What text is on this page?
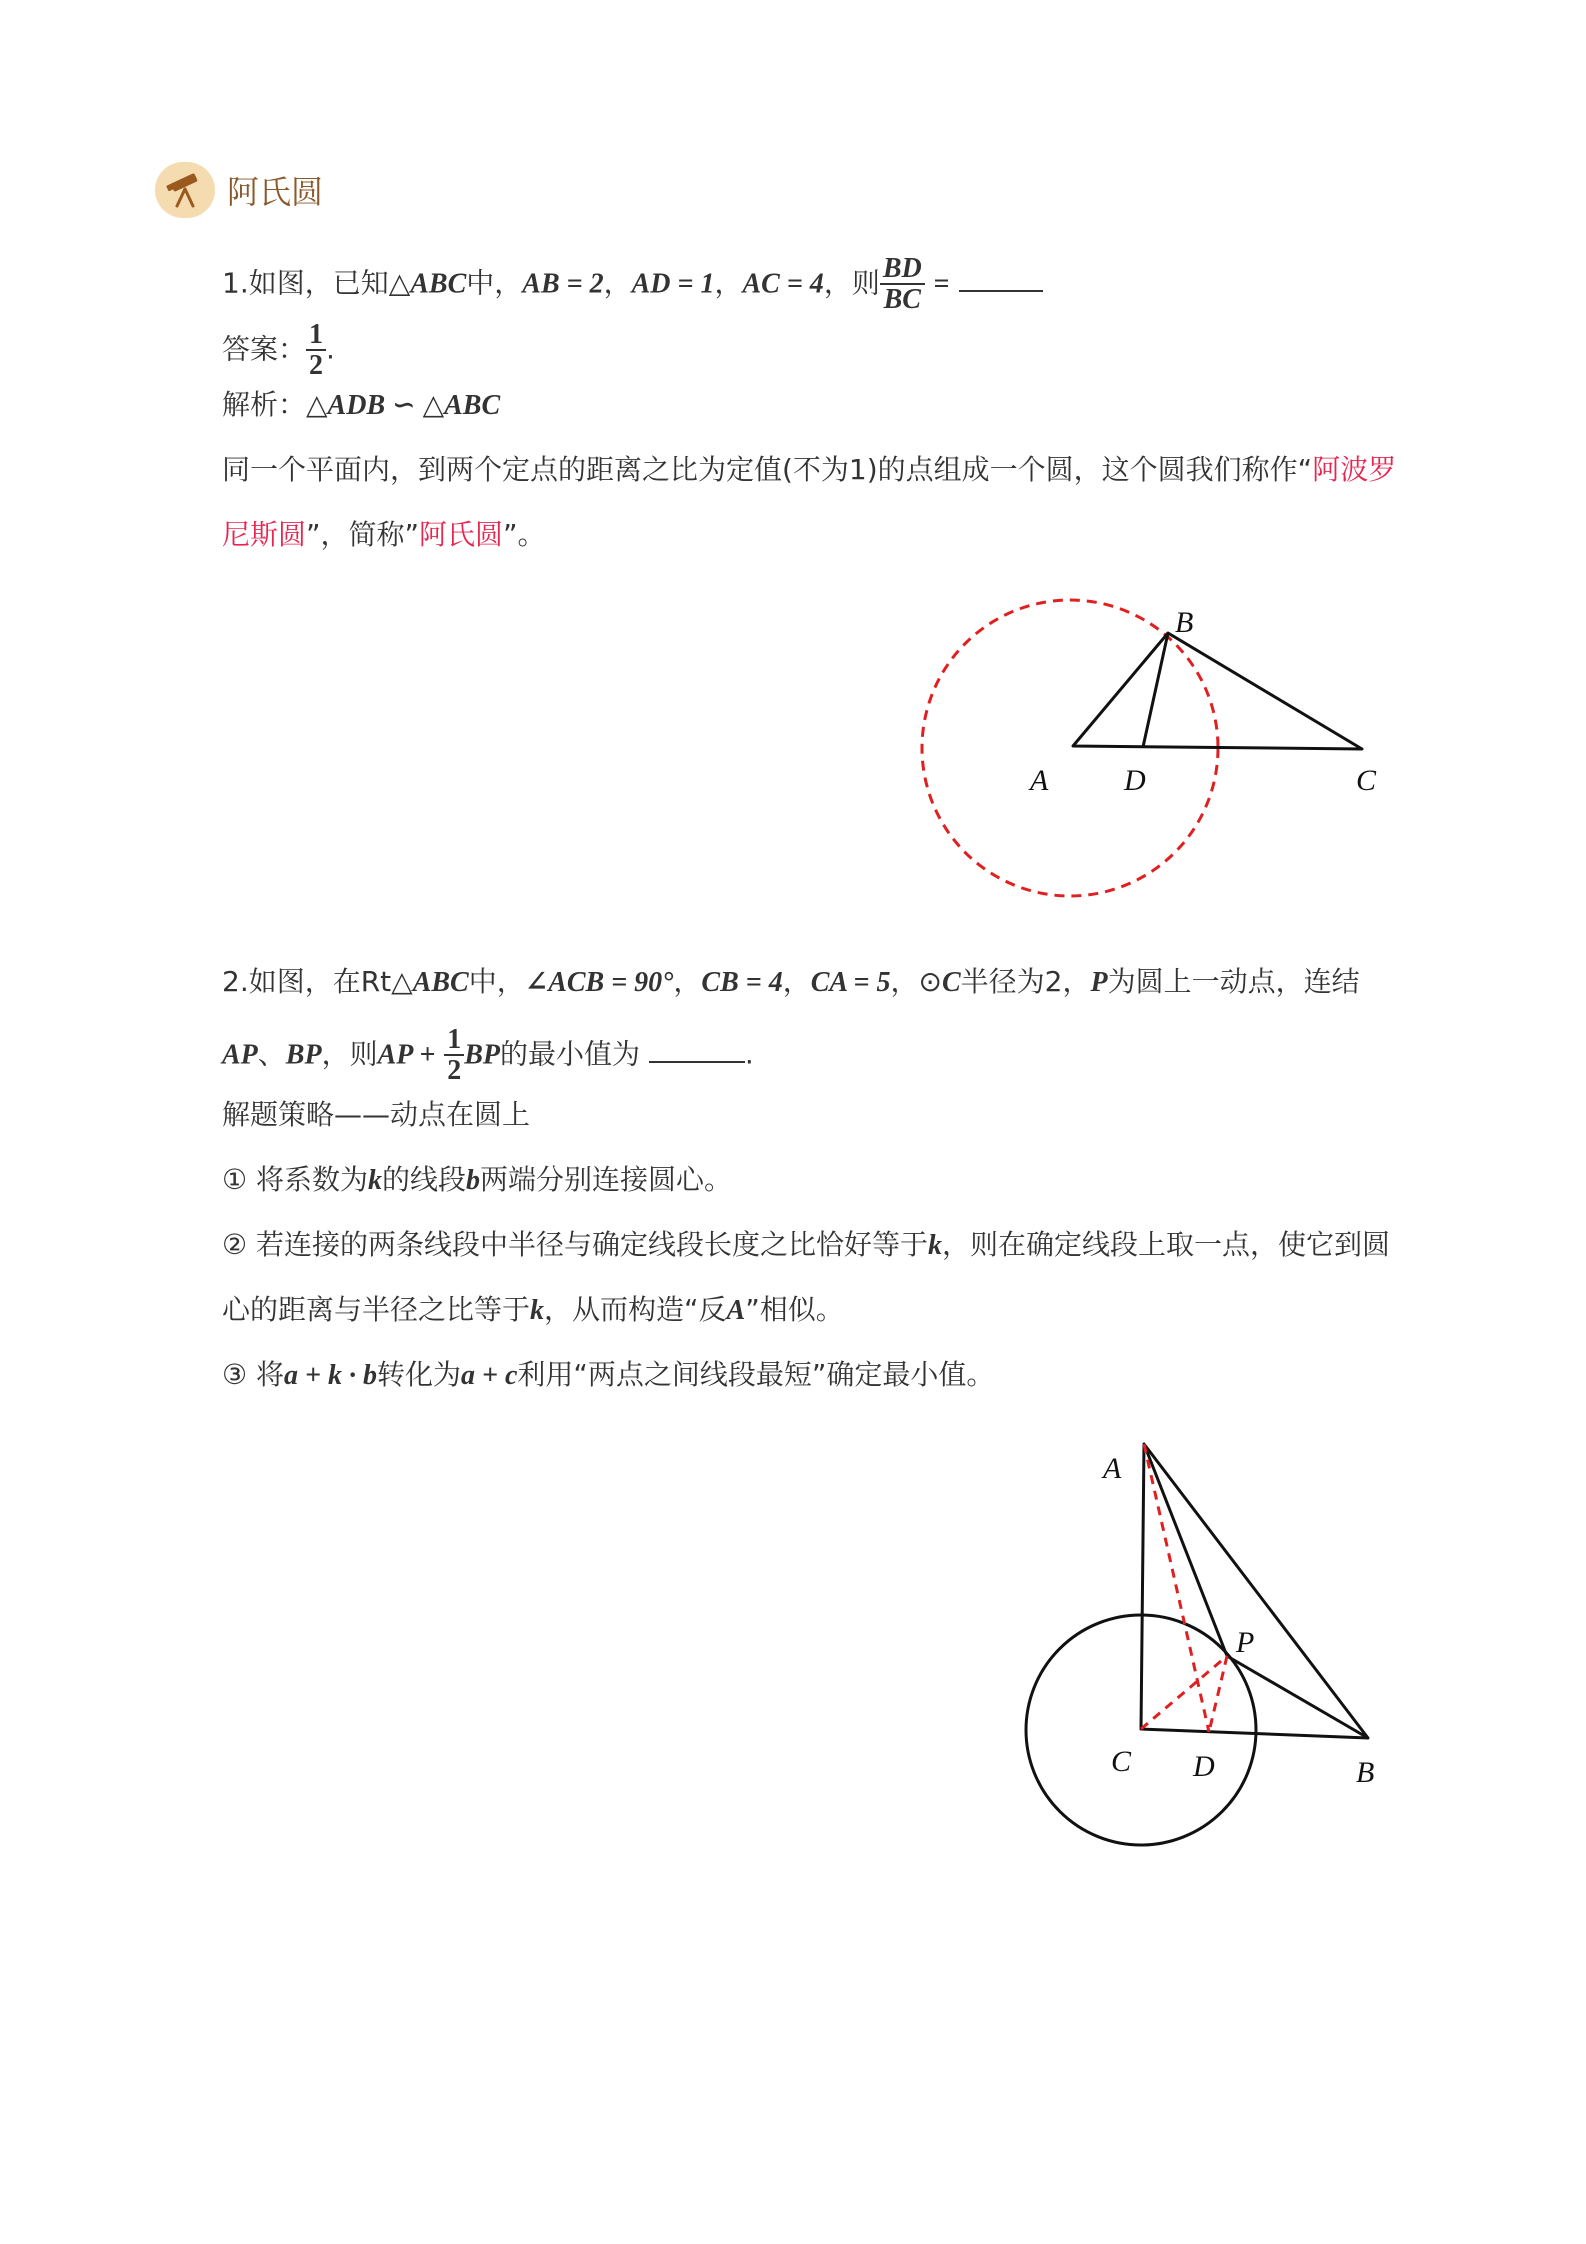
阿氏圆
1.如图，已知△ABC中，AB = 2，AD = 1，AC = 4，则 $\frac{BD}{BC}$ =
答案： $\frac{1}{2}$ .
解析：△ADB ∽ △ABC
同一个平面内，到两个定点的距离之比为定值(不为1)的点组成一个圆，这个圆我们称作“阿波罗
尼斯圆”，简称”阿氏圆”。
A
B
C
D
2.如图，在Rt△ABC中，∠ACB = 90°，CB = 4，CA = 5，⊙C半径为2，P为圆上一动点，连结
AP、BP，则AP + $\frac{1}{2}$ BP的最小值为	.
解题策略——动点在圆上
① 将系数为k的线段b两端分别连接圆心。
② 若连接的两条线段中半径与确定线段长度之比恰好等于k，则在确定线段上取一点，使它到圆
心的距离与半径之比等于k，从而构造“反A”相似。
③ 将a + k · b转化为a + c利用“两点之间线段最短”确定最小值。
A
P
C D	B
